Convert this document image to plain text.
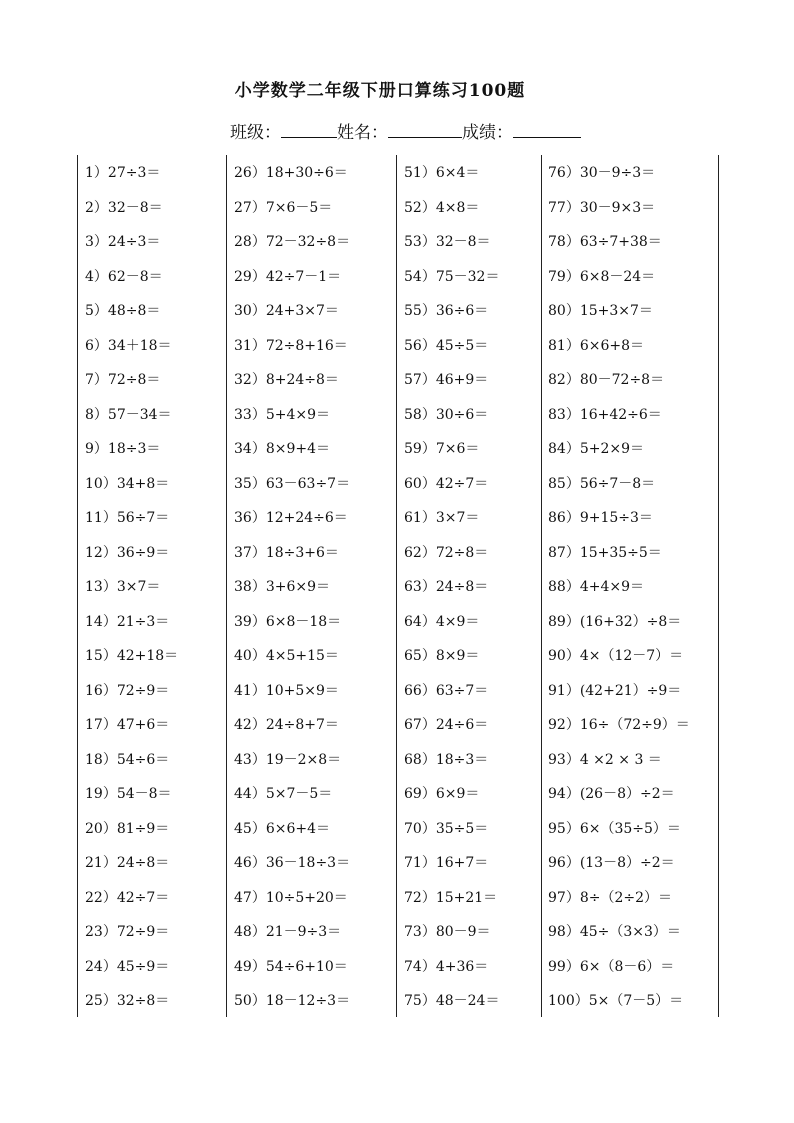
小学数学二年级下册口算练习100题
班级：	姓名：	成绩：
1）27÷3＝
2）32－8＝
3）24÷3＝
4）62－8＝
5）48÷8＝
6）34＋18＝
7）72÷8＝
8）57－34＝
9）18÷3＝
10）34+8＝
11）56÷7＝
12）36÷9＝
13）3×7＝
14）21÷3＝
15）42+18＝
16）72÷9＝
17）47+6＝
18）54÷6＝
19）54－8＝
20）81÷9＝
21）24÷8＝
22）42÷7＝
23）72÷9＝
24）45÷9＝
25）32÷8＝
26）18+30÷6＝
27）7×6－5＝
28）72－32÷8＝
29）42÷7－1＝
30）24+3×7＝
31）72÷8+16＝
32）8+24÷8＝
33）5+4×9＝
34）8×9+4＝
35）63－63÷7＝
36）12+24÷6＝
37）18÷3+6＝
38）3+6×9＝
39）6×8－18＝
40）4×5+15＝
41）10+5×9＝
42）24÷8+7＝
43）19－2×8＝
44）5×7－5＝
45）6×6+4＝
46）36－18÷3＝
47）10÷5+20＝
48）21－9÷3＝
49）54÷6+10＝
50）18－12÷3＝
51）6×4＝
52）4×8＝
53）32－8＝
54）75－32＝
55）36÷6＝
56）45÷5＝
57）46+9＝
58）30÷6＝
59）7×6＝
60）42÷7＝
61）3×7＝
62）72÷8＝
63）24÷8＝
64）4×9＝
65）8×9＝
66）63÷7＝
67）24÷6＝
68）18÷3＝
69）6×9＝
70）35÷5＝
71）16+7＝
72）15+21＝
73）80－9＝
74）4+36＝
75）48－24＝
76）30－9÷3＝
77）30－9×3＝
78）63÷7+38＝
79）6×8－24＝
80）15+3×7＝
81）6×6+8＝
82）80－72÷8＝
83）16+42÷6＝
84）5+2×9＝
85）56÷7－8＝
86）9+15÷3＝
87）15+35÷5＝
88）4+4×9＝
89）(16+32）÷8＝
90）4×（12－7）＝
91）(42+21）÷9＝
92）16÷（72÷9）＝
93）4 ×2 × 3 ＝
94）(26－8）÷2＝
95）6×（35÷5）＝
96）(13－8）÷2＝
97）8÷（2÷2）＝
98）45÷（3×3）＝
99）6×（8－6）＝
100）5×（7－5）＝
